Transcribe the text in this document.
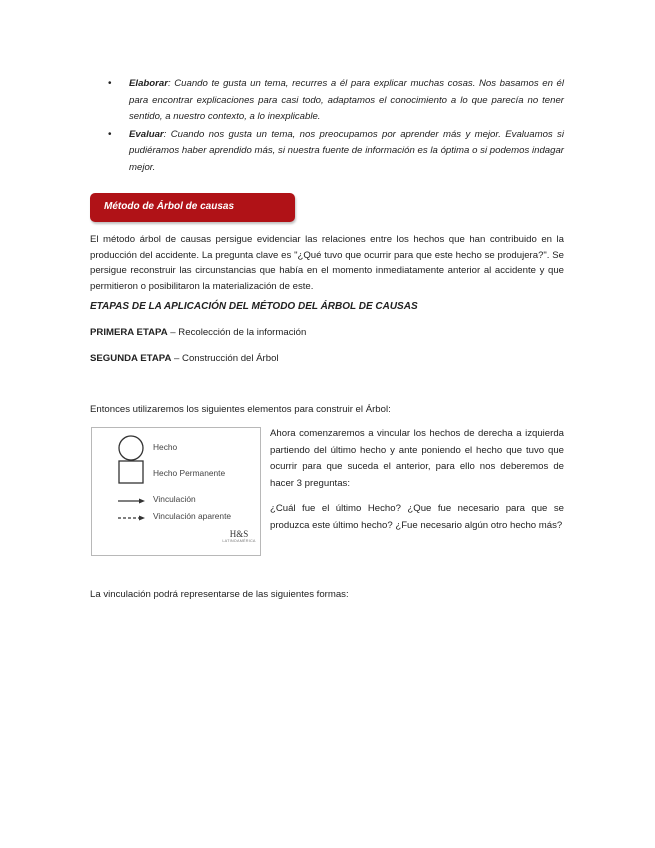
• Elaborar: Cuando te gusta un tema, recurres a él para explicar muchas cosas. Nos basamos en él para encontrar explicaciones para casi todo, adaptamos el conocimiento a lo que parecía no tener sentido, a nuestro contexto, a lo inexplicable.
• Evaluar: Cuando nos gusta un tema, nos preocupamos por aprender más y mejor. Evaluamos si pudiéramos haber aprendido más, si nuestra fuente de información es la óptima o si podemos indagar mejor.
Método de Árbol de causas

El método árbol de causas persigue evidenciar las relaciones entre los hechos que han contribuido en la producción del accidente. La pregunta clave es "¿Qué tuvo que ocurrir para que este hecho se produjera?". Se persigue reconstruir las circunstancias que había en el momento inmediatamente anterior al accidente y que permitieron o posibilitaron la materialización de este.

ETAPAS DE LA APLICACIÓN DEL MÉTODO DEL ÁRBOL DE CAUSAS
PRIMERA ETAPA – Recolección de la información
SEGUNDA ETAPA – Construcción del Árbol

Entonces utilizaremos los siguientes elementos para construir el Árbol:

Hecho
Hecho Permanente
Vinculación
Vinculación aparente
H&S
LATINOAMÉRICA

Ahora comenzaremos a vincular los hechos de derecha a izquierda partiendo del último hecho y ante poniendo el hecho que tuvo que ocurrir para que suceda el anterior, para ello nos deberemos de hacer 3 preguntas:

¿Cuál fue el último Hecho? ¿Que fue necesario para que se produzca este último hecho? ¿Fue necesario algún otro hecho más?

La vinculación podrá representarse de las siguientes formas:
